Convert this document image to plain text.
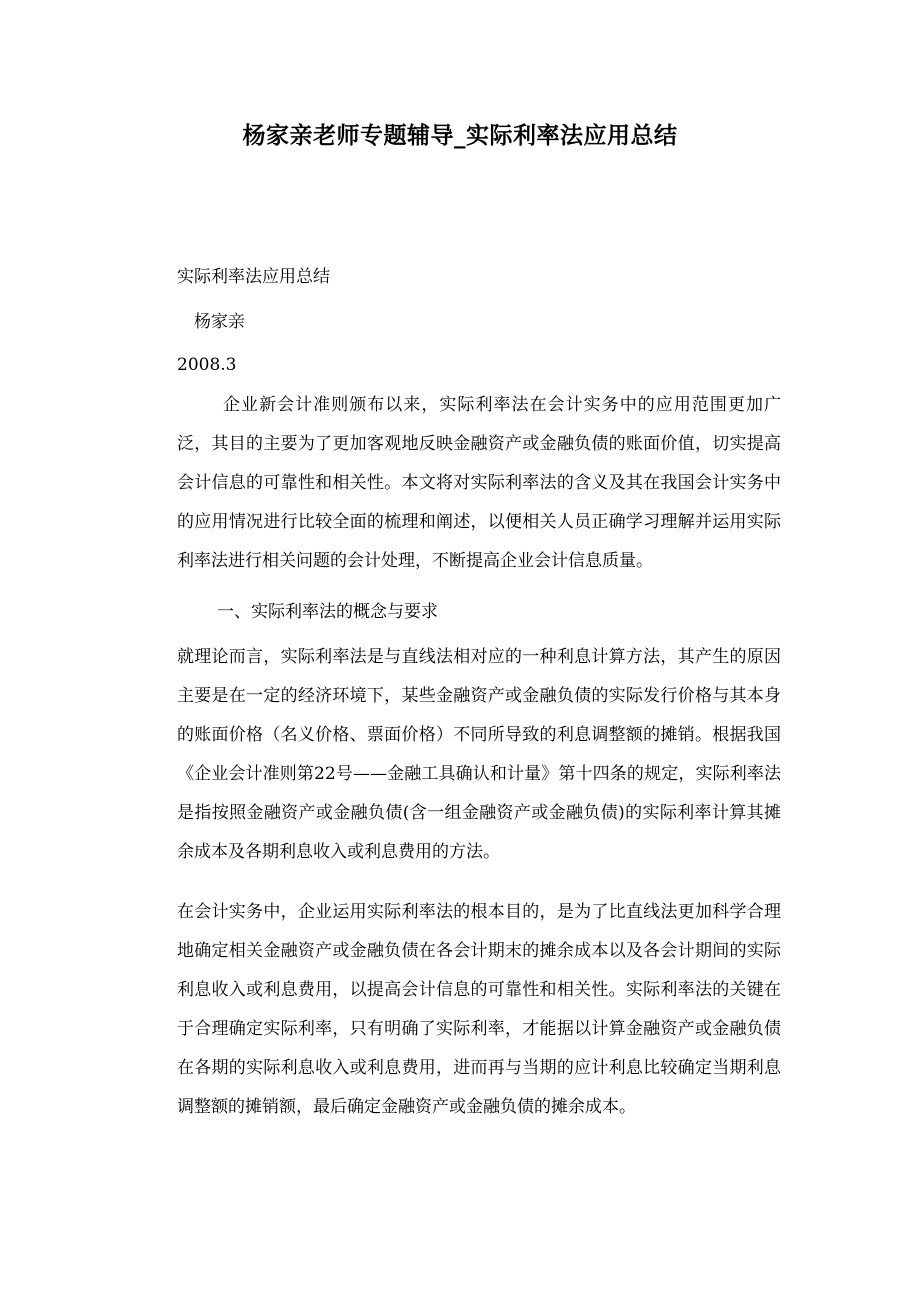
杨家亲老师专题辅导_实际利率法应用总结
实际利率法应用总结
杨家亲
2008.3

企业新会计准则颁布以来，实际利率法在会计实务中的应用范围更加广泛，其目的主要为了更加客观地反映金融资产或金融负债的账面价值，切实提高会计信息的可靠性和相关性。本文将对实际利率法的含义及其在我国会计实务中的应用情况进行比较全面的梳理和阐述，以便相关人员正确学习理解并运用实际利率法进行相关问题的会计处理，不断提高企业会计信息质量。

一、实际利率法的概念与要求

就理论而言，实际利率法是与直线法相对应的一种利息计算方法，其产生的原因主要是在一定的经济环境下，某些金融资产或金融负债的实际发行价格与其本身的账面价格（名义价格、票面价格）不同所导致的利息调整额的摊销。根据我国《企业会计准则第22号——金融工具确认和计量》第十四条的规定，实际利率法是指按照金融资产或金融负债(含一组金融资产或金融负债)的实际利率计算其摊余成本及各期利息收入或利息费用的方法。

在会计实务中，企业运用实际利率法的根本目的，是为了比直线法更加科学合理地确定相关金融资产或金融负债在各会计期末的摊余成本以及各会计期间的实际利息收入或利息费用，以提高会计信息的可靠性和相关性。实际利率法的关键在于合理确定实际利率，只有明确了实际利率，才能据以计算金融资产或金融负债在各期的实际利息收入或利息费用，进而再与当期的应计利息比较确定当期利息调整额的摊销额，最后确定金融资产或金融负债的摊余成本。
